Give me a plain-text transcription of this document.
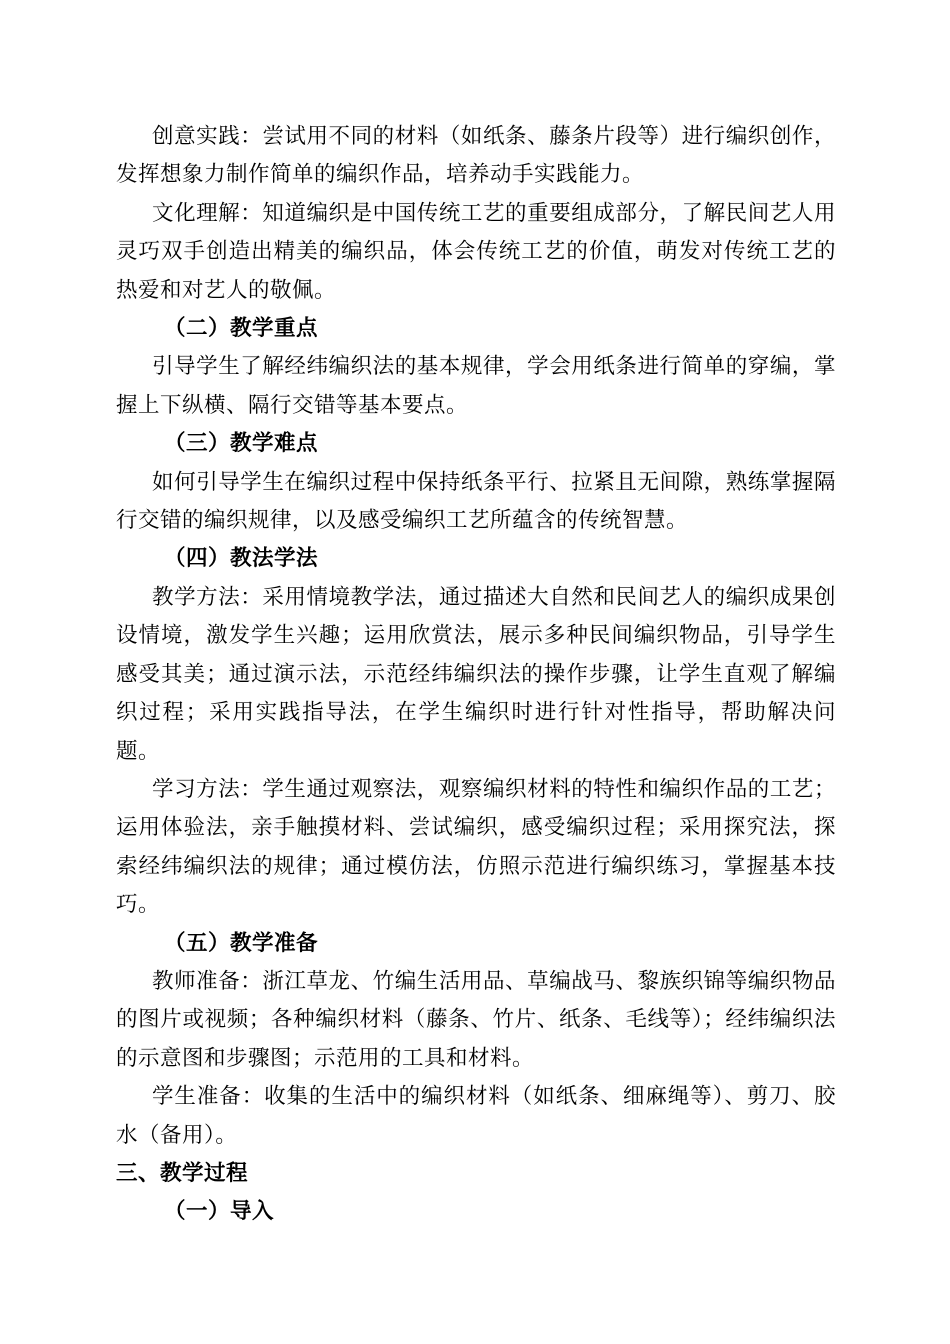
创意实践：尝试用不同的材料（如纸条、藤条片段等）进行编织创作，发挥想象力制作简单的编织作品，培养动手实践能力。

文化理解：知道编织是中国传统工艺的重要组成部分，了解民间艺人用灵巧双手创造出精美的编织品，体会传统工艺的价值，萌发对传统工艺的热爱和对艺人的敬佩。

（二）教学重点

引导学生了解经纬编织法的基本规律，学会用纸条进行简单的穿编，掌握上下纵横、隔行交错等基本要点。

（三）教学难点

如何引导学生在编织过程中保持纸条平行、拉紧且无间隙，熟练掌握隔行交错的编织规律，以及感受编织工艺所蕴含的传统智慧。

（四）教法学法

教学方法：采用情境教学法，通过描述大自然和民间艺人的编织成果创设情境，激发学生兴趣；运用欣赏法，展示多种民间编织物品，引导学生感受其美；通过演示法，示范经纬编织法的操作步骤，让学生直观了解编织过程；采用实践指导法，在学生编织时进行针对性指导，帮助解决问题。

学习方法：学生通过观察法，观察编织材料的特性和编织作品的工艺；运用体验法，亲手触摸材料、尝试编织，感受编织过程；采用探究法，探索经纬编织法的规律；通过模仿法，仿照示范进行编织练习，掌握基本技巧。

（五）教学准备

教师准备：浙江草龙、竹编生活用品、草编战马、黎族织锦等编织物品的图片或视频；各种编织材料（藤条、竹片、纸条、毛线等）；经纬编织法的示意图和步骤图；示范用的工具和材料。

学生准备：收集的生活中的编织材料（如纸条、细麻绳等）、剪刀、胶水（备用）。

三、教学过程

（一）导入
